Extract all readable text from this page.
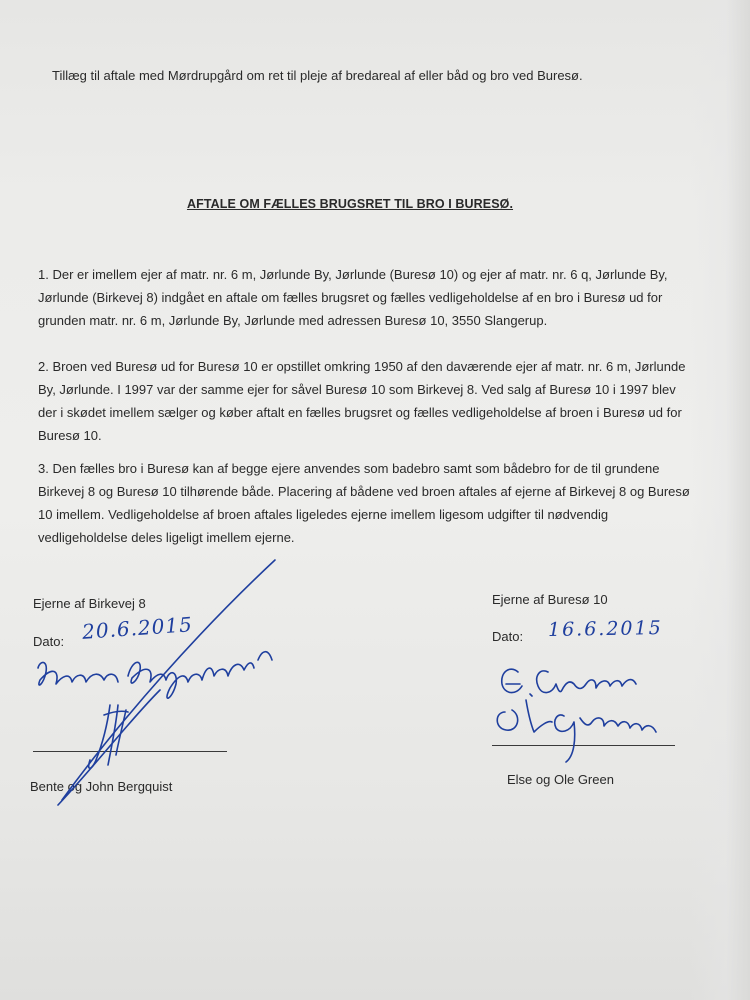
Tillæg til aftale med Mørdrupgård om ret til pleje af bredareal af eller båd og bro ved Buresø.
AFTALE OM FÆLLES BRUGSRET TIL BRO I BURESØ.
1. Der er imellem ejer af matr. nr. 6 m, Jørlunde By, Jørlunde (Buresø 10) og ejer af matr. nr. 6 q, Jørlunde By, Jørlunde (Birkevej 8) indgået en aftale om fælles brugsret og fælles vedligeholdelse af en bro i Buresø ud for grunden matr. nr. 6 m, Jørlunde By, Jørlunde med adressen Buresø 10, 3550 Slangerup.
2. Broen ved Buresø ud for Buresø 10 er opstillet omkring 1950 af den daværende ejer af matr. nr. 6 m, Jørlunde By, Jørlunde. I 1997 var der samme ejer for såvel Buresø 10 som Birkevej 8. Ved salg af Buresø 10 i 1997 blev der i skødet imellem sælger og køber aftalt en fælles brugsret og fælles vedligeholdelse af broen i Buresø ud for Buresø 10.
3. Den fælles bro i Buresø kan af begge ejere anvendes som badebro samt som bådebro for de til grundene Birkevej 8 og Buresø 10 tilhørende både. Placering af bådene ved broen aftales af ejerne af Birkevej 8 og Buresø 10 imellem. Vedligeholdelse af broen aftales ligeledes ejerne imellem ligesom udgifter til nødvendig vedligeholdelse deles ligeligt imellem ejerne.
Ejerne af Birkevej 8
Dato: 20.6.2015
Bente og John Bergquist
Ejerne af Buresø 10
Dato: 16.6.2015
Else og Ole Green
